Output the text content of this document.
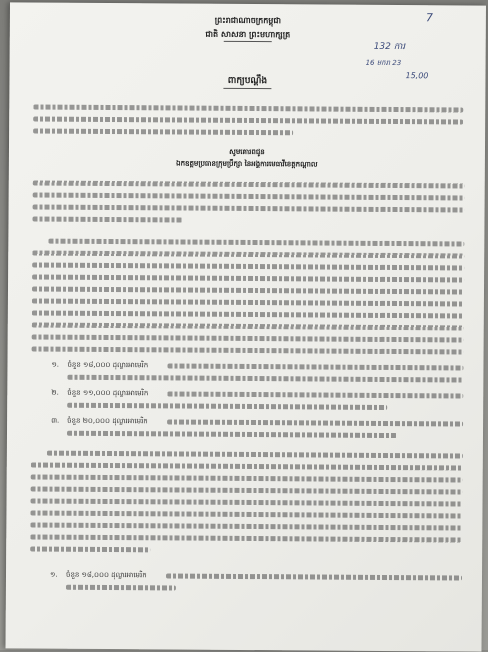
ព្រះរាជាណាចក្រកម្ពុជា
ជាតិ សាសនា ព្រះមហាក្សត្រ
7
132 ការ
16 មករា 23
15,00
ពាក្យបណ្តឹង
សូមគោរពជូន
ឯកឧត្តមប្រធានក្រុមប្រឹក្សា នៃអង្គការមេធាវីខេត្តកណ្តាល
១. ចំនួន ១៨,០០០ ដុល្លារអាមេរិក
២. ចំនួន ១១,០០០ ដុល្លារអាមេរិក
៣. ចំនួន ២០,០០០ ដុល្លារអាមេរិក
១. ចំនួន ១៨,០០០ ដុល្លារអាមេរិក
